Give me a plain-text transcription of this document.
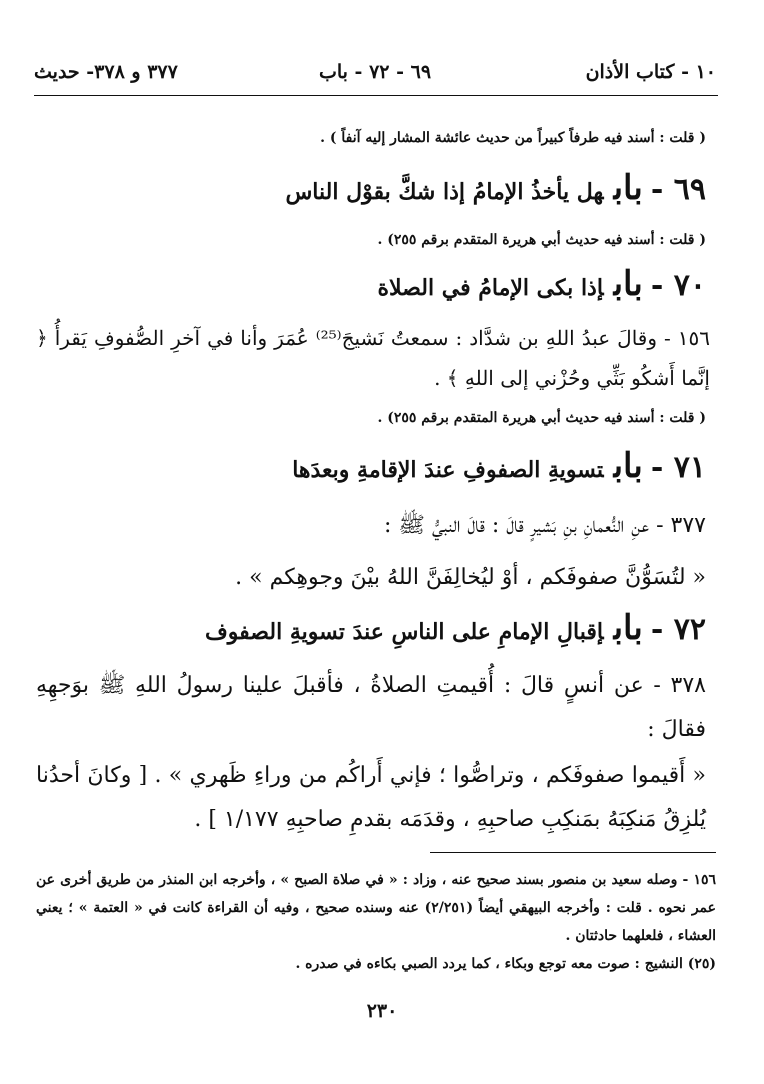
١٠ - كتاب الأذان
٦٩ - ٧٢ - باب
٣٧٧ و ٣٧٨- حديث
( قلت : أسند فيه طرفاً كبيراً من حديث عائشة المشار إليه آنفاً ) .
٦٩ -بابهل يأخذُ الإمامُ إذا شكَّ بقوْل الناس
( قلت : أسند فيه حديث أبي هريرة المتقدم برقم ٢٥٥) .
٧٠ -بابإذا بكى الإمامُ في الصلاة
١٥٦ - وقالَ عبدُ اللهِ بن شدَّاد : سمعتُ نَشيجَ⁽²⁵⁾ عُمَرَ وأنا في آخرِ الصُّفوفِ يَقرأُ ﴿ إنَّما أَشكُو بَثِّي وحُزْني إلى اللهِ ﴾ .
( قلت : أسند فيه حديث أبي هريرة المتقدم برقم ٢٥٥) .
٧١ -بابتسويةِ الصفوفِ عندَ الإقامةِ وبعدَها
٣٧٧ - عنِ النُّعمانِ بنِ بَشيرٍ قالَ : قالَ النبيُّ ﷺ :
« لتُسَوُّنَّ صفوفَكم ، أوْ ليُخالِفَنَّ اللهُ بيْنَ وجوهِكم » .
٧٢ -بابإقبالِ الإمامِ على الناسِ عندَ تسويةِ الصفوف
٣٧٨ - عن أنسٍ قالَ : أُقيمتِ الصلاةُ ، فأقبلَ علينا رسولُ اللهِ ﷺ بوَجهِهِ فقالَ :
« أَقيموا صفوفَكم ، وتراصُّوا ؛ فإني أَراكُم من وراءِ ظَهري » . [ وكانَ أحدُنا يُلزِقُ مَنكِبَهُ بمَنكِبِ صاحبِهِ ، وقدَمَه بقدمِ صاحبِهِ ١/١٧٧ ] .
١٥٦ - وصله سعيد بن منصور بسند صحيح عنه ، وزاد : « في صلاة الصبح » ، وأخرجه ابن المنذر من طريق أخرى عن عمر نحوه . قلت : وأخرجه البيهقي أيضاً (٢/٢٥١) عنه وسنده صحيح ، وفيه أن القراءة كانت في « العتمة » ؛ يعني العشاء ، فلعلهما حادثتان .
(٢٥) النشيج : صوت معه توجع وبكاء ، كما يردد الصبي بكاءه في صدره .
٢٣٠
